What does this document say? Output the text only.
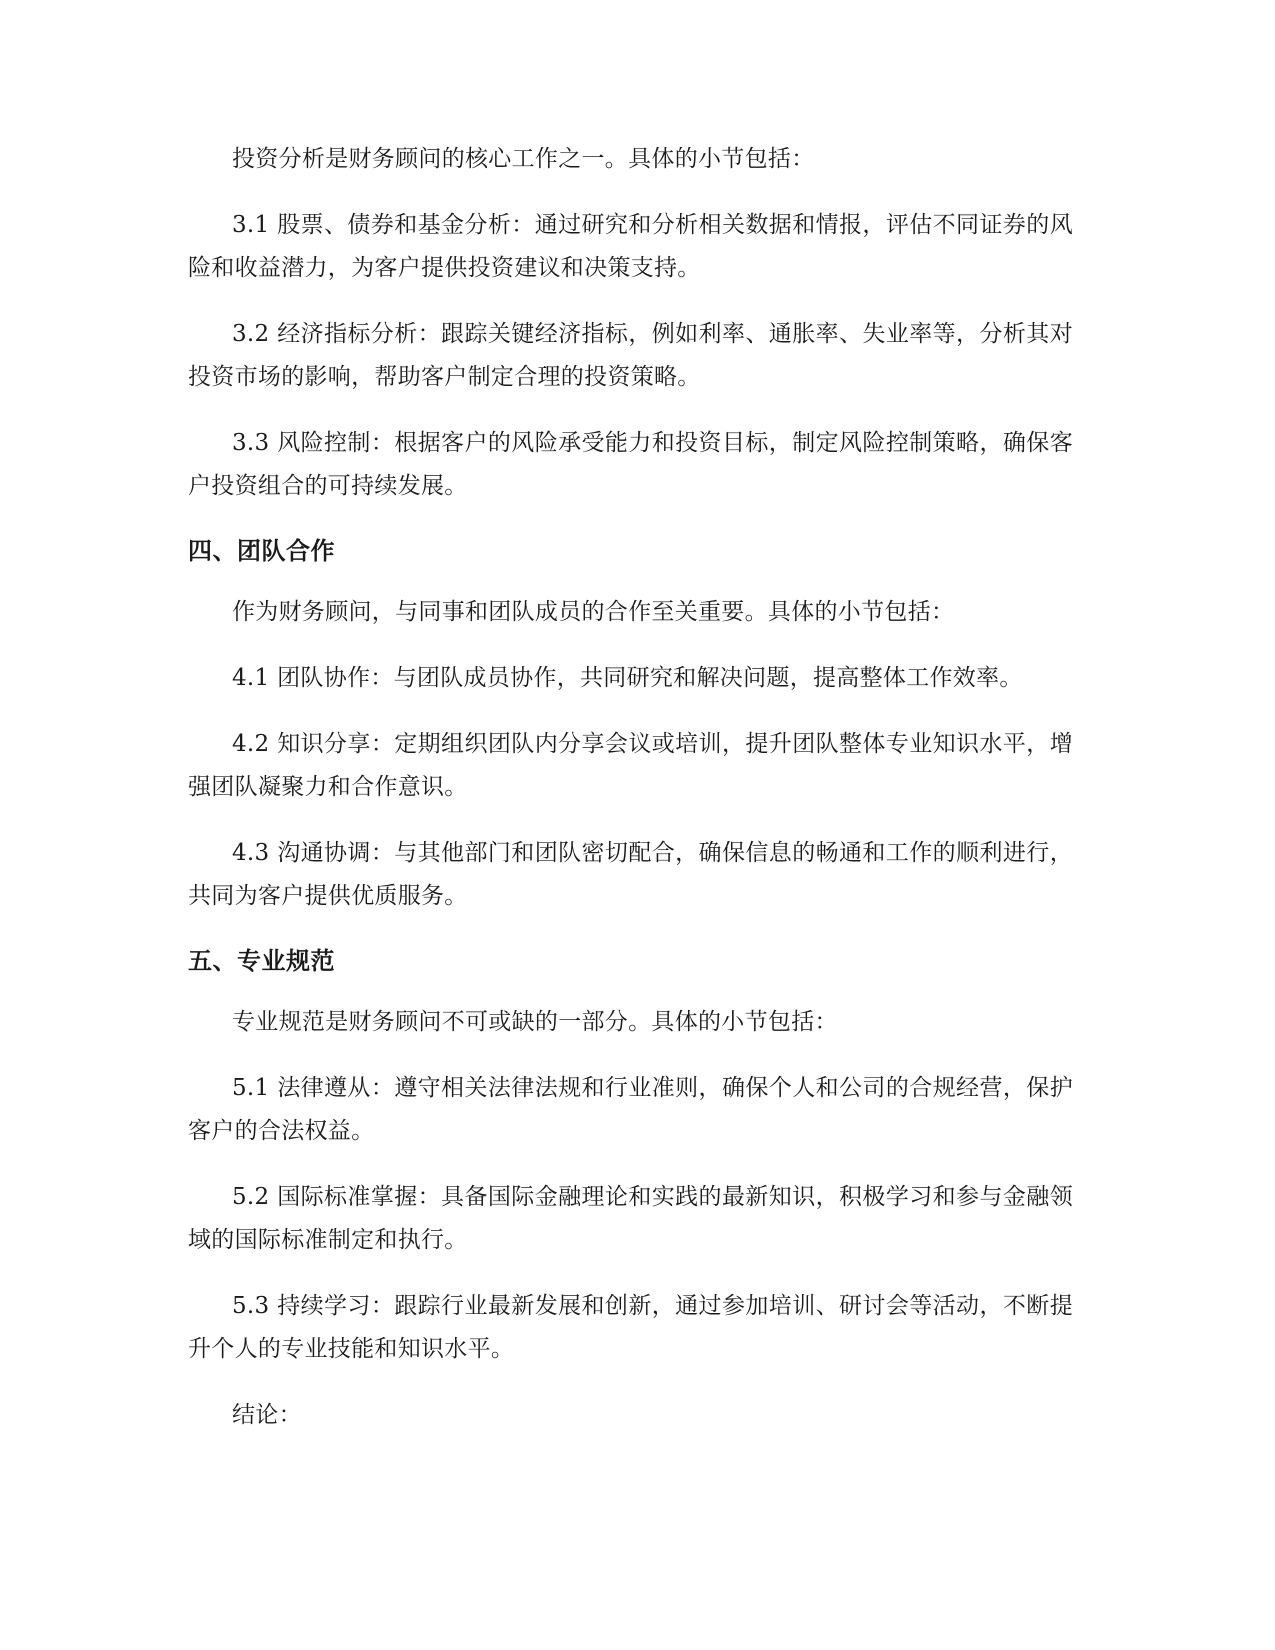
投资分析是财务顾问的核心工作之一。具体的小节包括：

3.1 股票、债券和基金分析：通过研究和分析相关数据和情报，评估不同证券的风险和收益潜力，为客户提供投资建议和决策支持。

3.2 经济指标分析：跟踪关键经济指标，例如利率、通胀率、失业率等，分析其对投资市场的影响，帮助客户制定合理的投资策略。

3.3 风险控制：根据客户的风险承受能力和投资目标，制定风险控制策略，确保客户投资组合的可持续发展。

四、团队合作

作为财务顾问，与同事和团队成员的合作至关重要。具体的小节包括：

4.1 团队协作：与团队成员协作，共同研究和解决问题，提高整体工作效率。

4.2 知识分享：定期组织团队内分享会议或培训，提升团队整体专业知识水平，增强团队凝聚力和合作意识。

4.3 沟通协调：与其他部门和团队密切配合，确保信息的畅通和工作的顺利进行，共同为客户提供优质服务。

五、专业规范

专业规范是财务顾问不可或缺的一部分。具体的小节包括：

5.1 法律遵从：遵守相关法律法规和行业准则，确保个人和公司的合规经营，保护客户的合法权益。

5.2 国际标准掌握：具备国际金融理论和实践的最新知识，积极学习和参与金融领域的国际标准制定和执行。

5.3 持续学习：跟踪行业最新发展和创新，通过参加培训、研讨会等活动，不断提升个人的专业技能和知识水平。

结论：
